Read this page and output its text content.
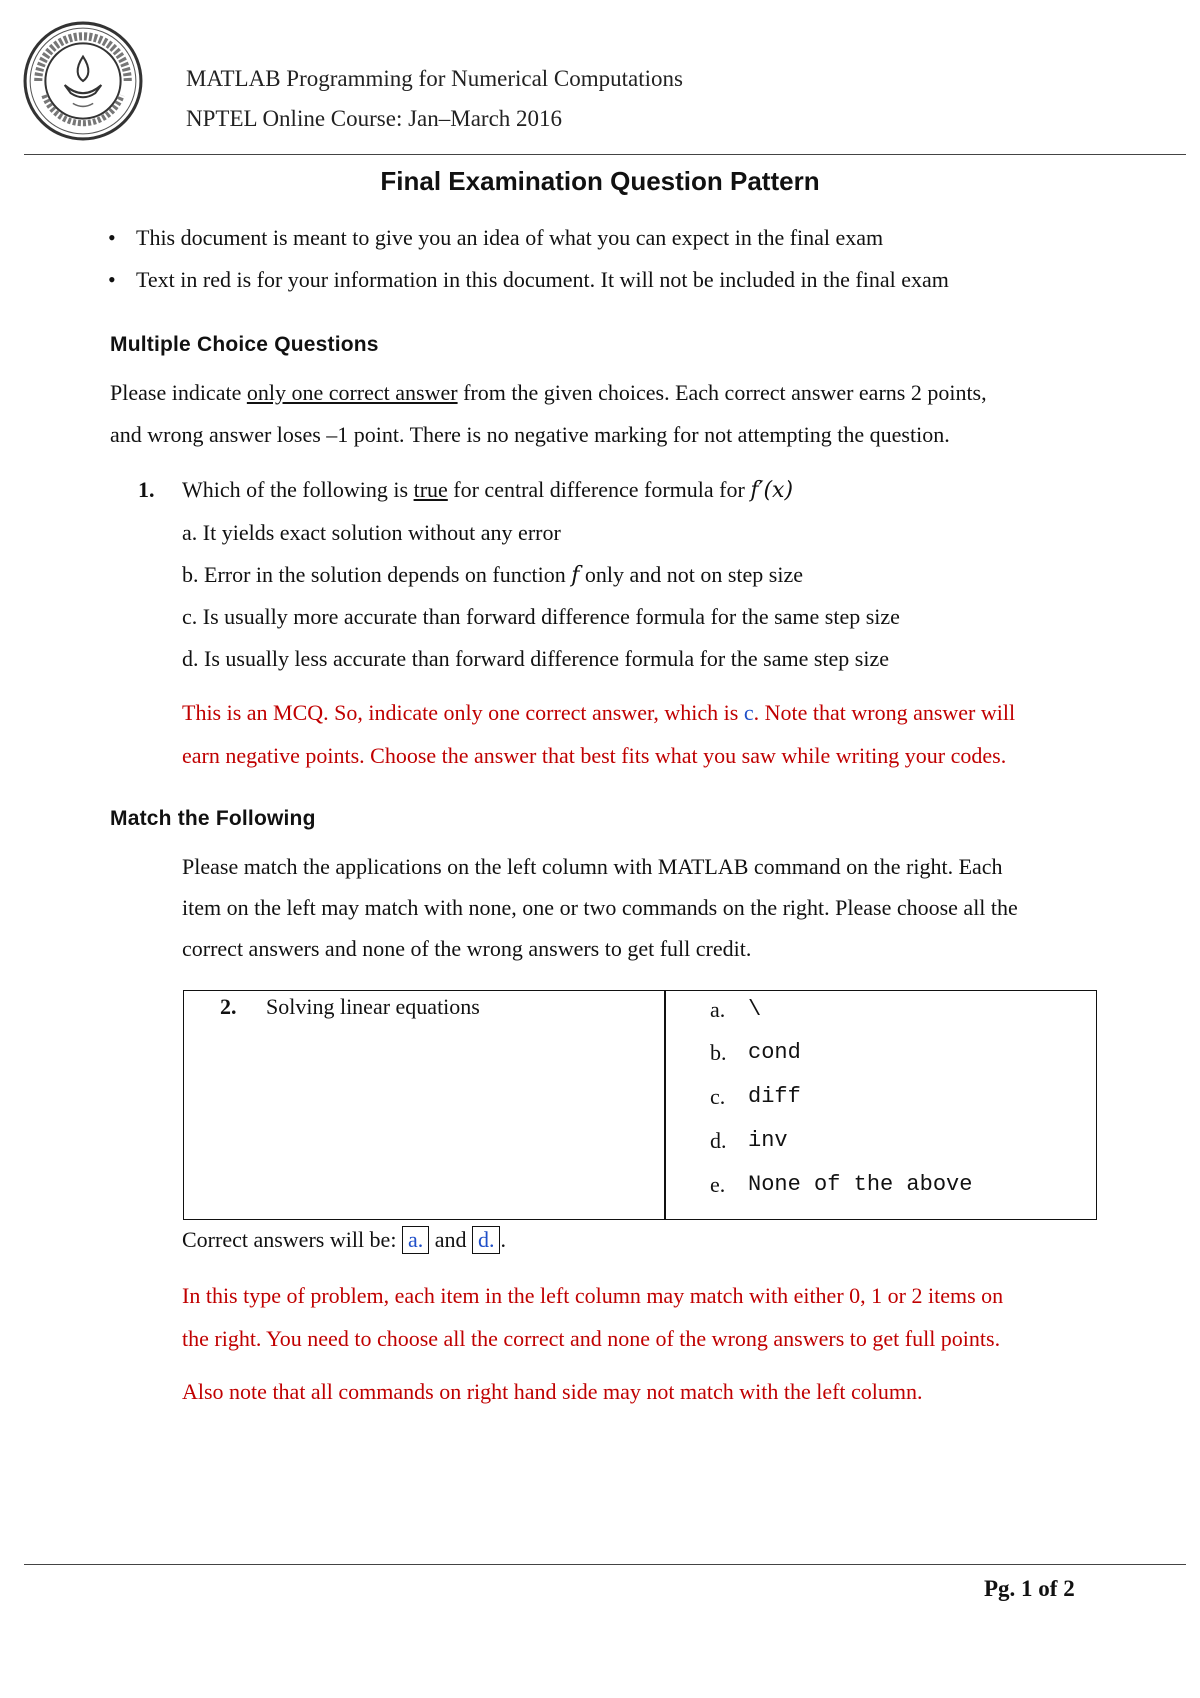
MATLAB Programming for Numerical Computations
NPTEL Online Course: Jan–March 2016
Final Examination Question Pattern
• This document is meant to give you an idea of what you can expect in the final exam
• Text in red is for your information in this document. It will not be included in the final exam
Multiple Choice Questions
Please indicate only one correct answer from the given choices. Each correct answer earns 2 points,
and wrong answer loses –1 point. There is no negative marking for not attempting the question.
1. Which of the following is true for central difference formula for f′(x)
a. It yields exact solution without any error
b. Error in the solution depends on function f only and not on step size
c. Is usually more accurate than forward difference formula for the same step size
d. Is usually less accurate than forward difference formula for the same step size
This is an MCQ. So, indicate only one correct answer, which is c. Note that wrong answer will
earn negative points. Choose the answer that best fits what you saw while writing your codes.
Match the Following
Please match the applications on the left column with MATLAB command on the right. Each
item on the left may match with none, one or two commands on the right. Please choose all the
correct answers and none of the wrong answers to get full credit.
2. Solving linear equations	a. \
b. cond
c. diff
d. inv
e. None of the above
Correct answers will be: a. and d. .
In this type of problem, each item in the left column may match with either 0, 1 or 2 items on
the right. You need to choose all the correct and none of the wrong answers to get full points.
Also note that all commands on right hand side may not match with the left column.
Pg. 1 of 2
